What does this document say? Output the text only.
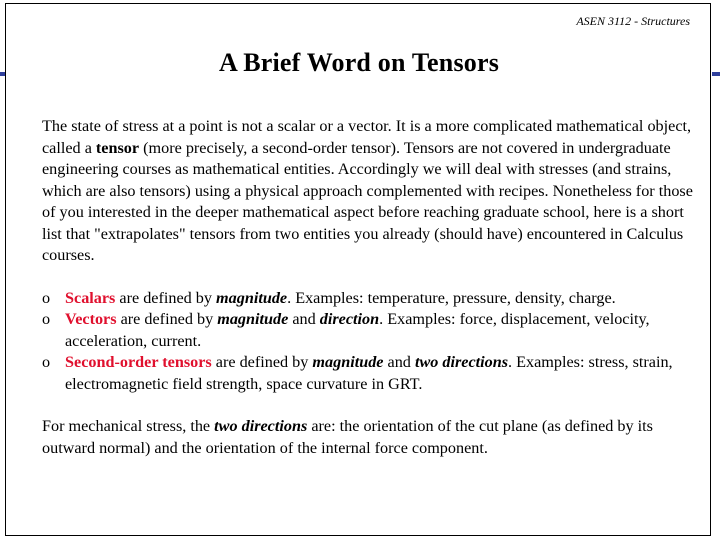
ASEN 3112 - Structures
A Brief Word on Tensors

The state of stress at a point is not a scalar or a vector. It is a more complicated mathematical object, called a tensor (more precisely, a second-order tensor). Tensors are not covered in undergraduate engineering courses as mathematical entities. Accordingly we will deal with stresses (and strains, which are also tensors) using a physical approach complemented with recipes. Nonetheless for those of you interested in the deeper mathematical aspect before reaching graduate school, here is a short list that "extrapolates" tensors from two entities you already (should have) encountered in Calculus courses.

o Scalars are defined by magnitude. Examples: temperature, pressure, density, charge.
o Vectors are defined by magnitude and direction. Examples: force, displacement, velocity, acceleration, current.
o Second-order tensors are defined by magnitude and two directions. Examples: stress, strain, electromagnetic field strength, space curvature in GRT.

For mechanical stress, the two directions are: the orientation of the cut plane (as defined by its outward normal) and the orientation of the internal force component.
